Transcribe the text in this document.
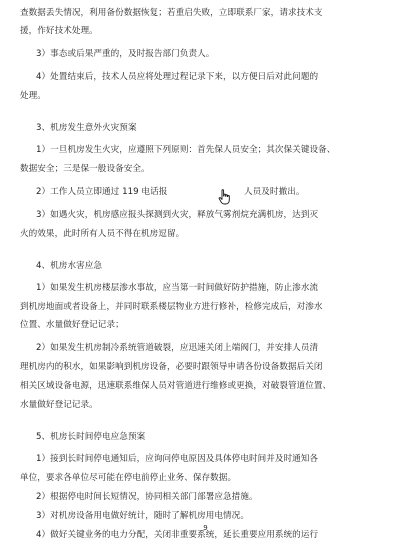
查数据丢失情况，利用备份数据恢复；若重启失败，立即联系厂家，请求技术支
援，作好技术处理。
3）事态或后果严重的，及时报告部门负责人。
4）处置结束后，技术人员应将处理过程记录下来，以方便日后对此问题的
处理。
3、机房发生意外火灾预案
1）一旦机房发生火灾，应遵照下列原则：首先保人员安全；其次保关键设备、
数据安全；三是保一般设备安全。
2）工作人员立即通过 119 电话报	人员及时撤出。
3）如遇火灾，机房感应报头探测到火灾，释放气雾剂烷充满机房，达到灭
火的效果，此时所有人员不得在机房逗留。
4、机房水害应急
1）如果发生机房楼层渗水事故，应当第一时间做好防护措施，防止渗水流
到机房地面或者设备上，并同时联系楼层物业方进行修补，检修完成后，对渗水
位置、水量做好登记记录；
2）如果发生机房制冷系统管道破裂，应迅速关闭上端阀门，并安排人员清
理机房内的积水，如果影响到机房设备，必要时跟领导申请各份设备数据后关闭
相关区域设备电源，迅速联系维保人员对管道进行维修或更换，对破裂管道位置、
水量做好登记记录。
5、机房长时间停电应急预案
1）接到长时间停电通知后，应询问停电原因及具体停电时间并及时通知各
单位，要求各单位尽可能在停电前停止业务、保存数据。
2）根据停电时间长短情况，协同相关部门部署应急措施。
3）对机房设备用电做好统计，随时了解机房用电情况。
4）做好关键业务的电力分配，关闭非重要系统，延长重要应用系统的运行
9
